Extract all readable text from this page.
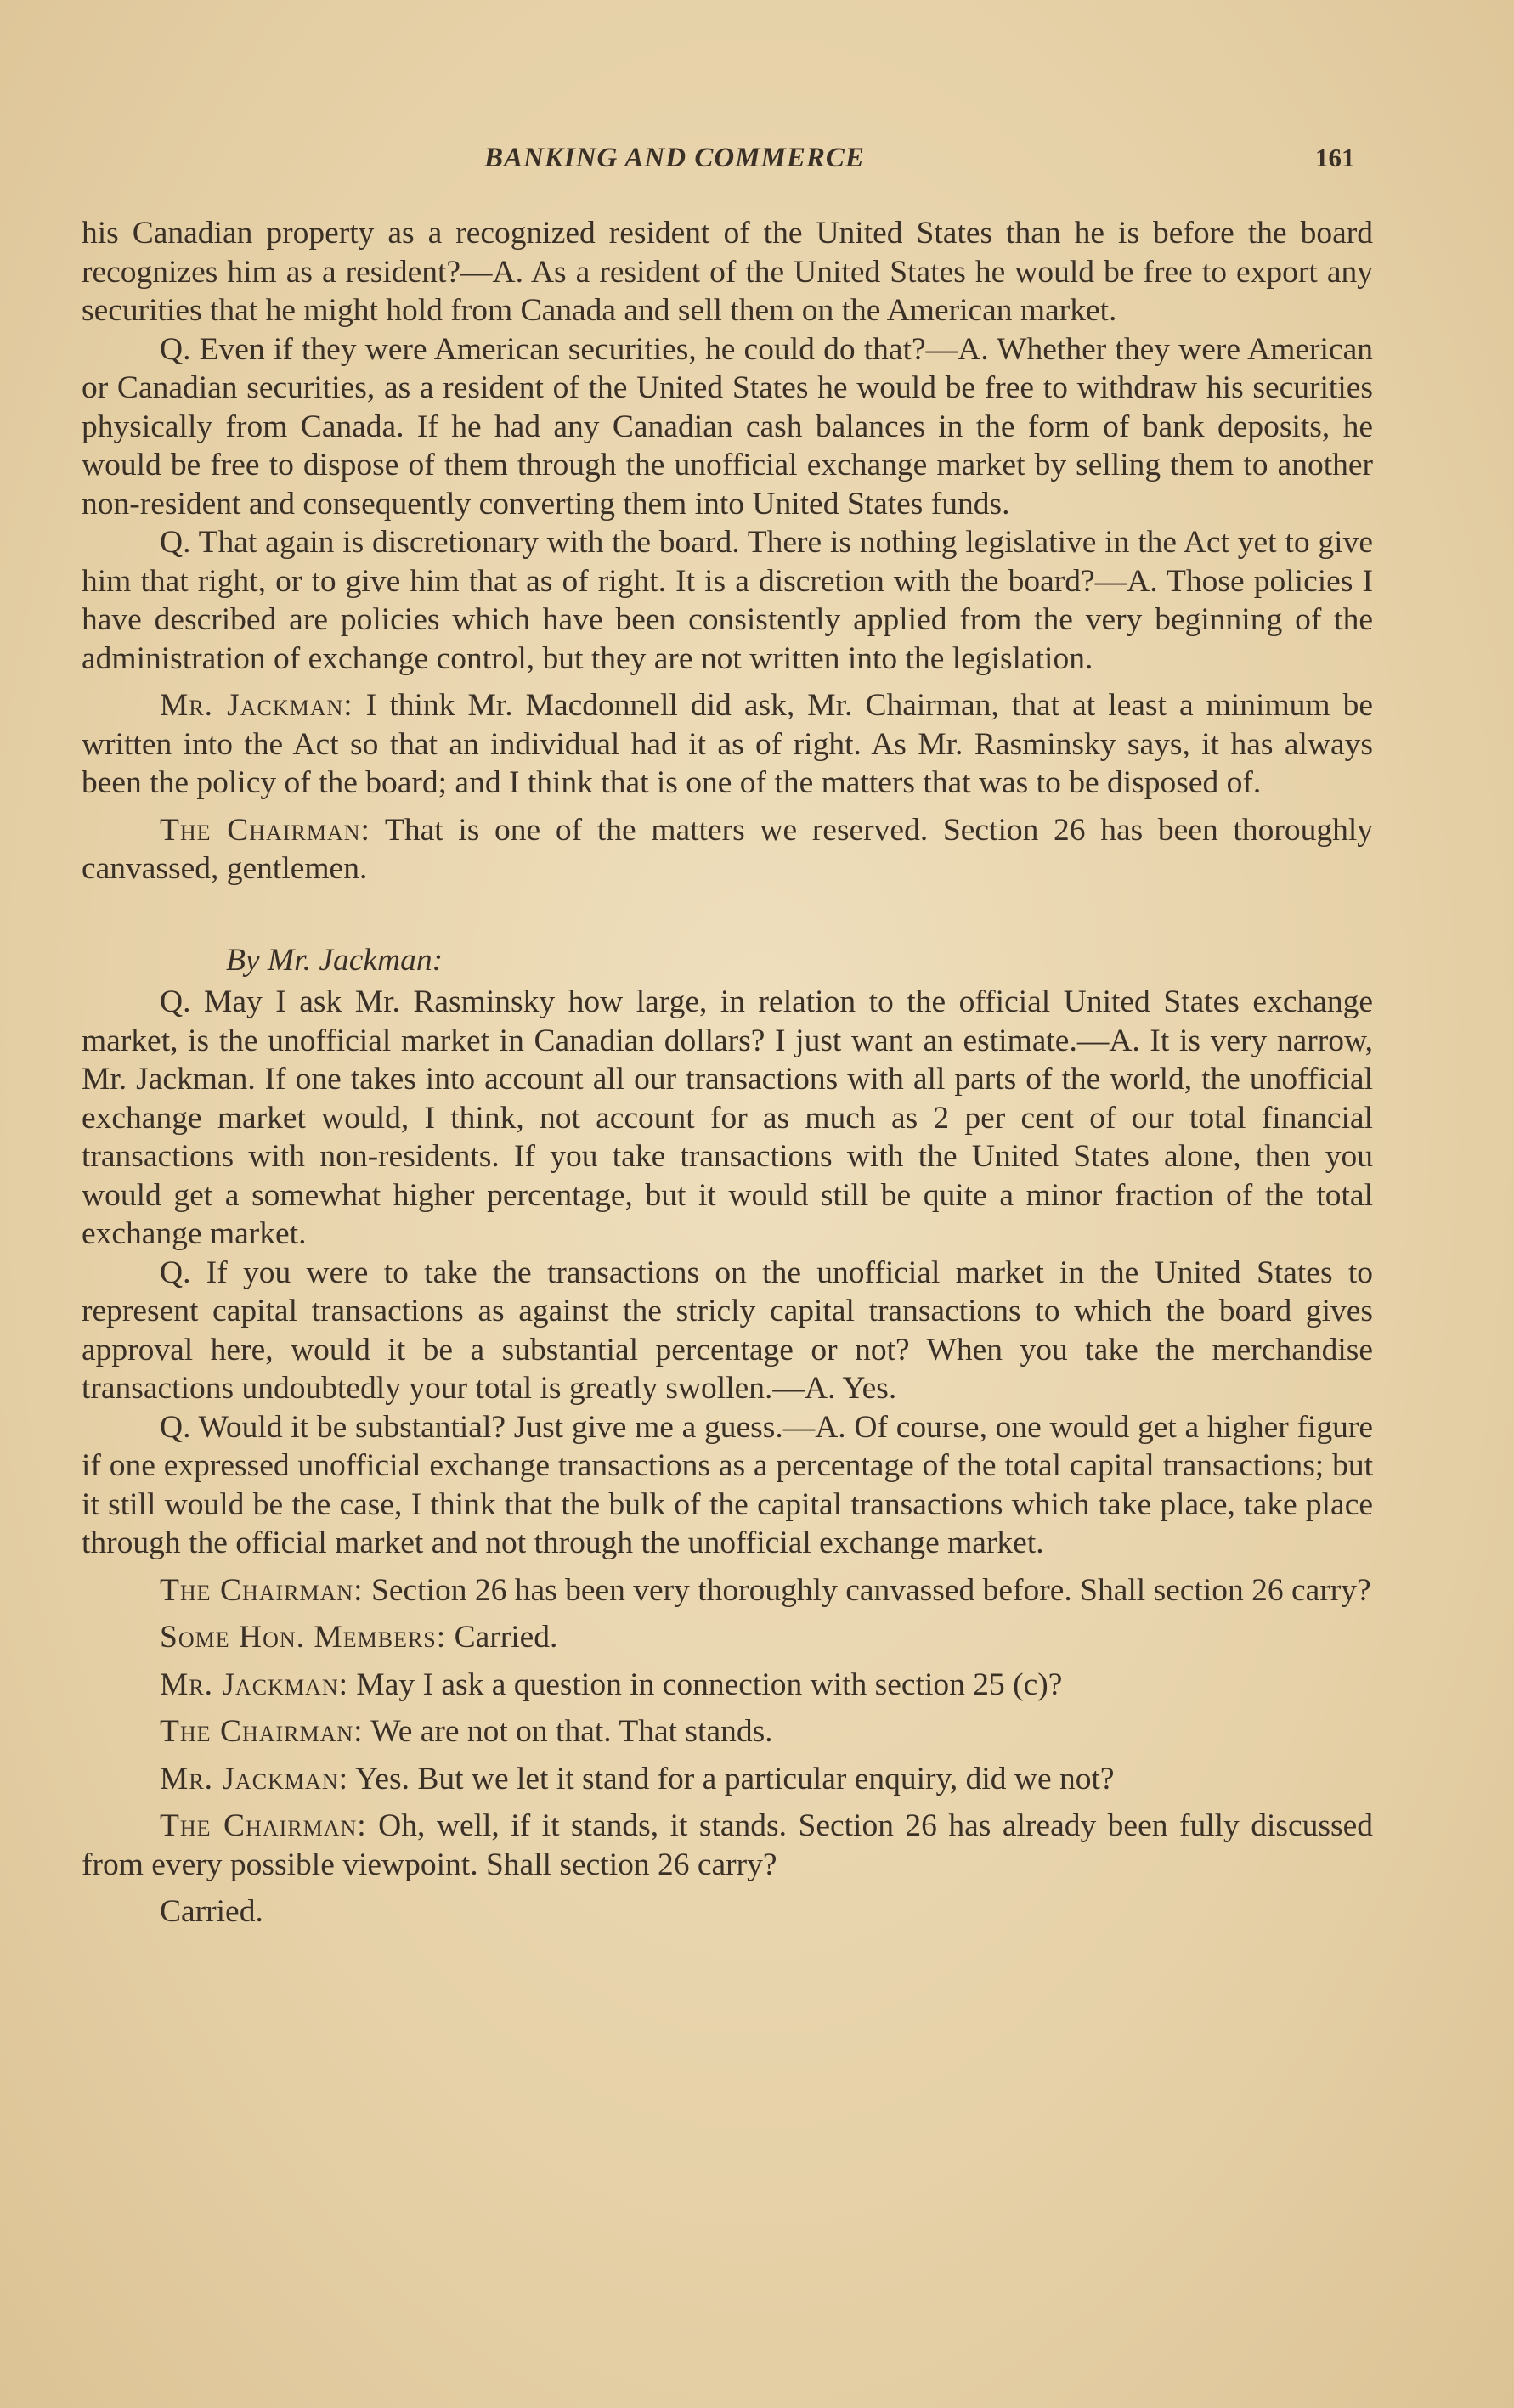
BANKING AND COMMERCE	161

his Canadian property as a recognized resident of the United States than he is before the board recognizes him as a resident?—A. As a resident of the United States he would be free to export any securities that he might hold from Canada and sell them on the American market.

Q. Even if they were American securities, he could do that?—A. Whether they were American or Canadian securities, as a resident of the United States he would be free to withdraw his securities physically from Canada. If he had any Canadian cash balances in the form of bank deposits, he would be free to dispose of them through the unofficial exchange market by selling them to another non-resident and consequently converting them into United States funds.

Q. That again is discretionary with the board. There is nothing legislative in the Act yet to give him that right, or to give him that as of right. It is a discretion with the board?—A. Those policies I have described are policies which have been consistently applied from the very beginning of the administration of exchange control, but they are not written into the legislation.

Mr. Jackman: I think Mr. Macdonnell did ask, Mr. Chairman, that at least a minimum be written into the Act so that an individual had it as of right. As Mr. Rasminsky says, it has always been the policy of the board; and I think that is one of the matters that was to be disposed of.

The Chairman: That is one of the matters we reserved. Section 26 has been thoroughly canvassed, gentlemen.

By Mr. Jackman:

Q. May I ask Mr. Rasminsky how large, in relation to the official United States exchange market, is the unofficial market in Canadian dollars? I just want an estimate.—A. It is very narrow, Mr. Jackman. If one takes into account all our transactions with all parts of the world, the unofficial exchange market would, I think, not account for as much as 2 per cent of our total financial transactions with non-residents. If you take transactions with the United States alone, then you would get a somewhat higher percentage, but it would still be quite a minor fraction of the total exchange market.

Q. If you were to take the transactions on the unofficial market in the United States to represent capital transactions as against the stricly capital transactions to which the board gives approval here, would it be a substantial percentage or not? When you take the merchandise transactions undoubtedly your total is greatly swollen.—A. Yes.

Q. Would it be substantial? Just give me a guess.—A. Of course, one would get a higher figure if one expressed unofficial exchange transactions as a percentage of the total capital transactions; but it still would be the case, I think that the bulk of the capital transactions which take place, take place through the official market and not through the unofficial exchange market.

The Chairman: Section 26 has been very thoroughly canvassed before. Shall section 26 carry?

Some Hon. Members: Carried.

Mr. Jackman: May I ask a question in connection with section 25 (c)?

The Chairman: We are not on that. That stands.

Mr. Jackman: Yes. But we let it stand for a particular enquiry, did we not?

The Chairman: Oh, well, if it stands, it stands. Section 26 has already been fully discussed from every possible viewpoint. Shall section 26 carry?

Carried.
